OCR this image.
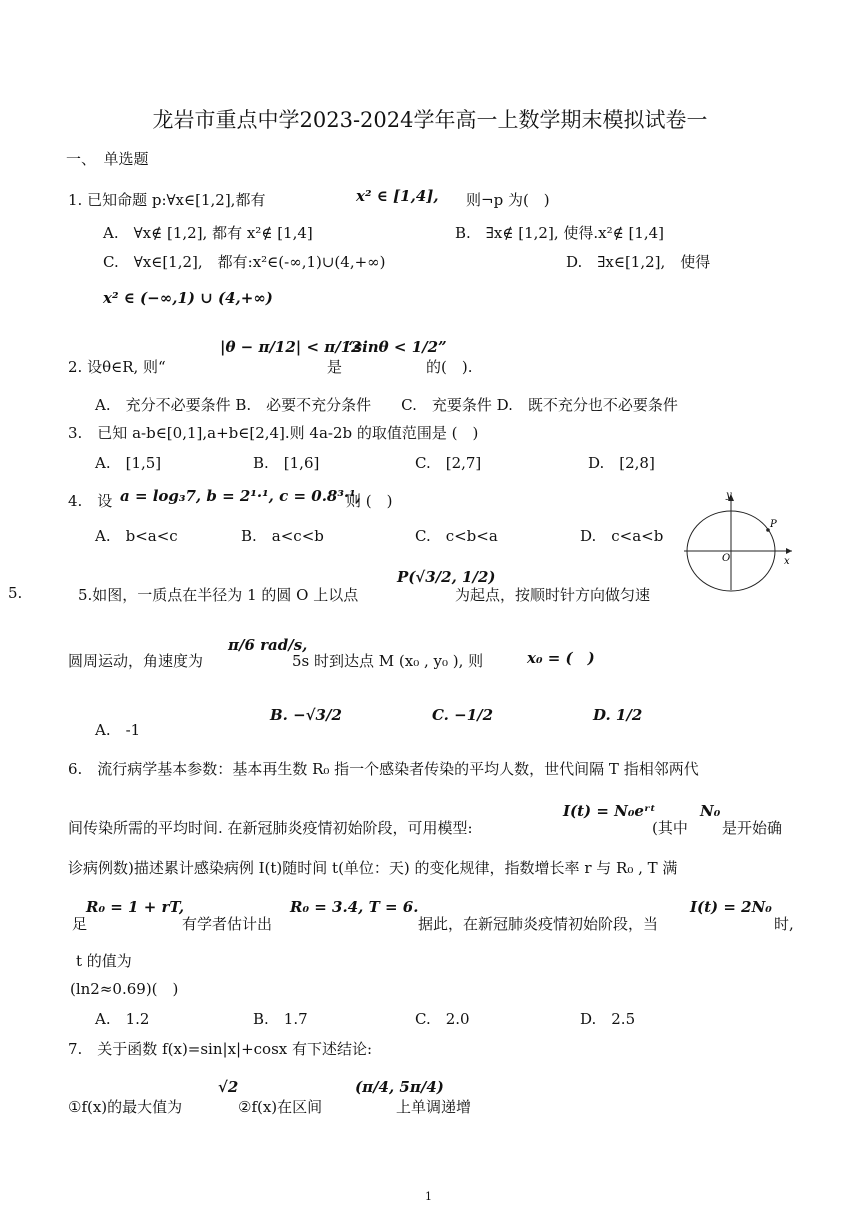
龙岩市重点中学2023-2024学年高一上数学期末模拟试卷一
一、　单选题
1. 已知命题 p:∀x∈[1,2],都有	x² ∈ [1,4], 则¬p 为(　)
A.　∀x∉ [1,2], 都有 x²∉ [1,4]	B.　∃x∉ [1,2], 使得.x²∉ [1,4]
C.　∀x∈[1,2],　都有:x²∈(-∞,1)∪(4,+∞)	D.　∃x∈[1,2],　使得
x² ∈ (−∞,1) ∪ (4,+∞)
2. 设θ∈R, 则“
|θ − π/12| < π/12
是
“sinθ < 1/2”
的(　).
A.　充分不必要条件 B.　必要不充分条件　　C.　充要条件 D.　既不充分也不必要条件
3.　已知 a-b∈[0,1],a+b∈[2,4].则 4a-2b 的取值范围是 (　)
A.　[1,5]	B.　[1,6]	C.　[2,7]	D.　[2,8]
4.　设 a = log₃7, b = 2¹·¹, c = 0.8³·¹,
则 (　)
A.　b<a<c	B.　a<c<b	C.　c<b<a	D.　c<a<b
y
x
O
P
5.	5.如图，一质点在半径为 1 的圆 O 上以点
P(√3/2, 1/2)
为起点，按顺时针方向做匀速
圆周运动，角速度为
π/6 rad/s,
5s 时到达点 M (x₀ , y₀ ), 则	x₀ = (　)
A.　-1
B. −√3/2	C. −1/2	D. 1/2
6.　流行病学基本参数：基本再生数 R₀ 指一个感染者传染的平均人数，世代间隔 T 指相邻两代
间传染所需的平均时间. 在新冠肺炎疫情初始阶段，可用模型:
I(t) = N₀eʳᵗ
(其中
N₀
是开始确
诊病例数)描述累计感染病例 I(t)随时间 t(单位：天) 的变化规律，指数增长率 r 与 R₀ , T 满
足
R₀ = 1 + rT,
有学者估计出
R₀ = 3.4, T = 6.
据此，在新冠肺炎疫情初始阶段，当
I(t) = 2N₀
时,
t 的值为
(ln2≈0.69)(　)
A.　1.2	B.　1.7	C.　2.0	D.　2.5
7.　关于函数 f(x)=sin|x|+cosx 有下述结论:
①f(x)的最大值为
√2
②f(x)在区间
(π/4, 5π/4)
上单调递增
1
